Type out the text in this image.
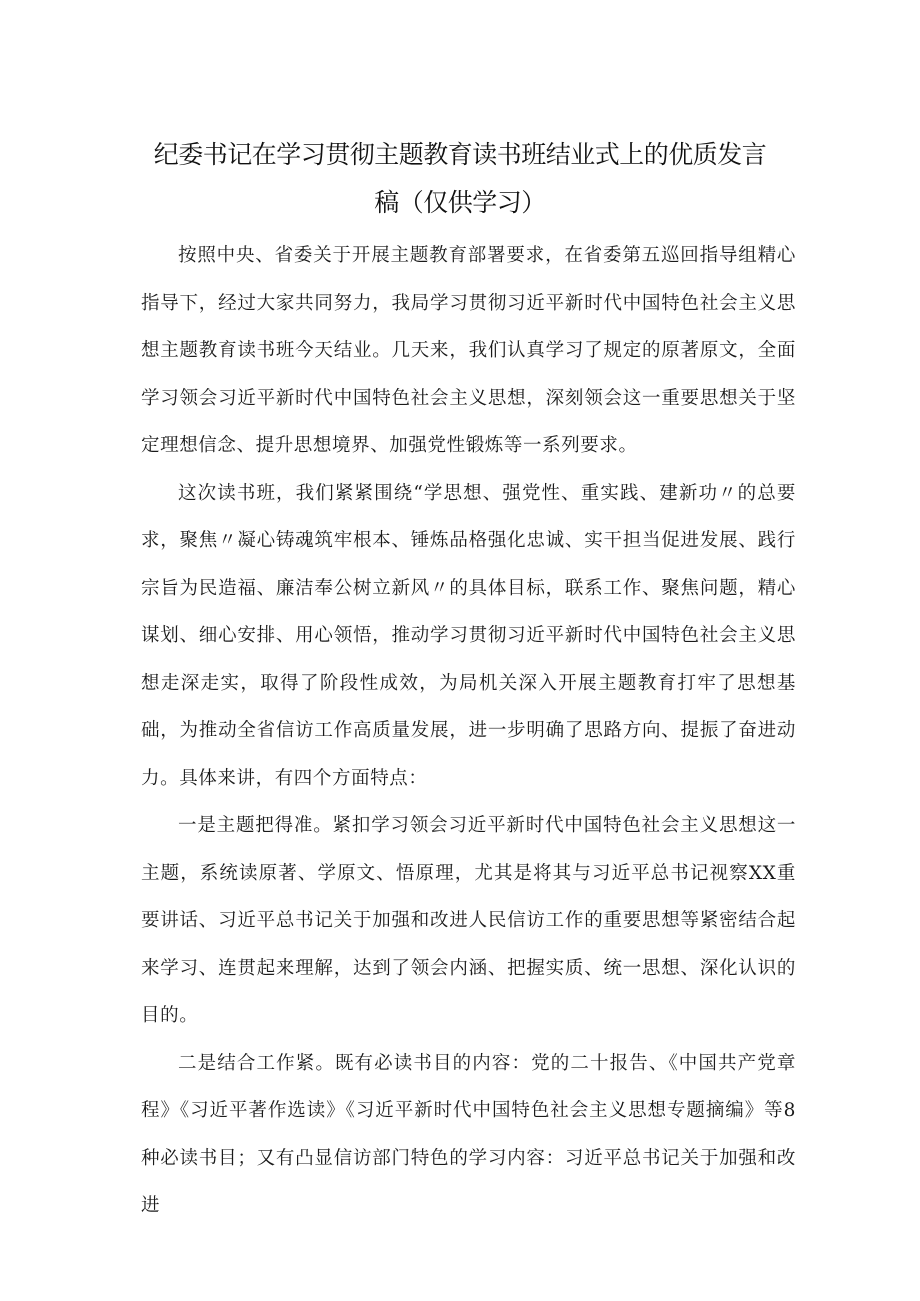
纪委书记在学习贯彻主题教育读书班结业式上的优质发言
稿（仅供学习）

按照中央、省委关于开展主题教育部署要求，在省委第五巡回指导组精心指导下，经过大家共同努力，我局学习贯彻习近平新时代中国特色社会主义思想主题教育读书班今天结业。几天来，我们认真学习了规定的原著原文，全面学习领会习近平新时代中国特色社会主义思想，深刻领会这一重要思想关于坚定理想信念、提升思想境界、加强党性锻炼等一系列要求。

这次读书班，我们紧紧围绕“学思想、强党性、重实践、建新功〃的总要求，聚焦〃凝心铸魂筑牢根本、锤炼品格强化忠诚、实干担当促进发展、践行宗旨为民造福、廉洁奉公树立新风〃的具体目标，联系工作、聚焦问题，精心谋划、细心安排、用心领悟，推动学习贯彻习近平新时代中国特色社会主义思想走深走实，取得了阶段性成效，为局机关深入开展主题教育打牢了思想基础，为推动全省信访工作高质量发展，进一步明确了思路方向、提振了奋进动力。具体来讲，有四个方面特点：

一是主题把得准。紧扣学习领会习近平新时代中国特色社会主义思想这一主题，系统读原著、学原文、悟原理，尤其是将其与习近平总书记视察XX重要讲话、习近平总书记关于加强和改进人民信访工作的重要思想等紧密结合起来学习、连贯起来理解，达到了领会内涵、把握实质、统一思想、深化认识的目的。

二是结合工作紧。既有必读书目的内容：党的二十报告、《中国共产党章程》《习近平著作选读》《习近平新时代中国特色社会主义思想专题摘编》等8种必读书目；又有凸显信访部门特色的学习内容：习近平总书记关于加强和改进
